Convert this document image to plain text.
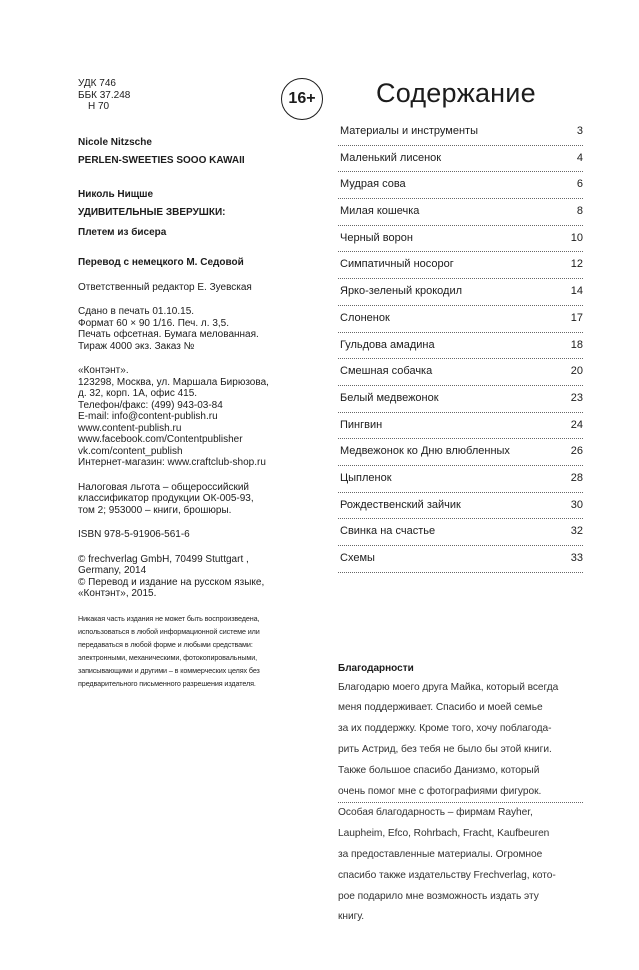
УДК 746
ББК 37.248
Н 70	16+
Nicole Nitzsche
PERLEN-SWEETIES SOOO KAWAII
Николь Нищше
УДИВИТЕЛЬНЫЕ ЗВЕРУШКИ:
Плетем из бисера
Перевод с немецкого М. Седовой
Ответственный редактор Е. Зуевская
Сдано в печать 01.10.15.
Формат 60 × 90 1/16. Печ. л. 3,5.
Печать офсетная. Бумага мелованная.
Тираж 4000 экз. Заказ №
«Контэнт».
123298, Москва, ул. Маршала Бирюзова,
д. 32, корп. 1А, офис 415.
Телефон/факс: (499) 943-03-84
E-mail: info@content-publish.ru
www.content-publish.ru
www.facebook.com/Contentpublisher
vk.com/content_publish
Интернет-магазин: www.craftclub-shop.ru
Налоговая льгота – общероссийский
классификатор продукции ОК-005-93,
том 2; 953000 – книги, брошюры.
ISBN 978-5-91906-561-6
© frechverlag GmbH, 70499 Stuttgart ,
Germany, 2014
© Перевод и издание на русском языке,
«Контэнт», 2015.
Никакая часть издания не может быть воспроизведена,
использоваться в любой информационной системе или
передаваться в любой форме и любыми средствами:
электронными, механическими, фотокопировальными,
записывающими и другими – в коммерческих целях без
предварительного письменного разрешения издателя.
Содержание
Материалы и инструменты	3
Маленький лисенок	4
Мудрая сова	6
Милая кошечка	8
Черный ворон	10
Симпатичный носорог	12
Ярко-зеленый крокодил	14
Слоненок	17
Гульдова амадина	18
Смешная собачка	20
Белый медвежонок	23
Пингвин	24
Медвежонок ко Дню влюбленных	26
Цыпленок	28
Рождественский зайчик	30
Свинка на счастье	32
Схемы	33
Благодарности
Благодарю моего друга Майка, который всегда
меня поддерживает. Спасибо и моей семье
за их поддержку. Кроме того, хочу поблагода-
рить Астрид, без тебя не было бы этой книги.
Также большое спасибо Данизмо, который
очень помог мне с фотографиями фигурок.
Особая благодарность – фирмам Rayher,
Laupheim, Efco, Rohrbach, Fracht, Kaufbeuren
за предоставленные материалы. Огромное
спасибо также издательству Frechverlag, кото-
рое подарило мне возможность издать эту
книгу.
